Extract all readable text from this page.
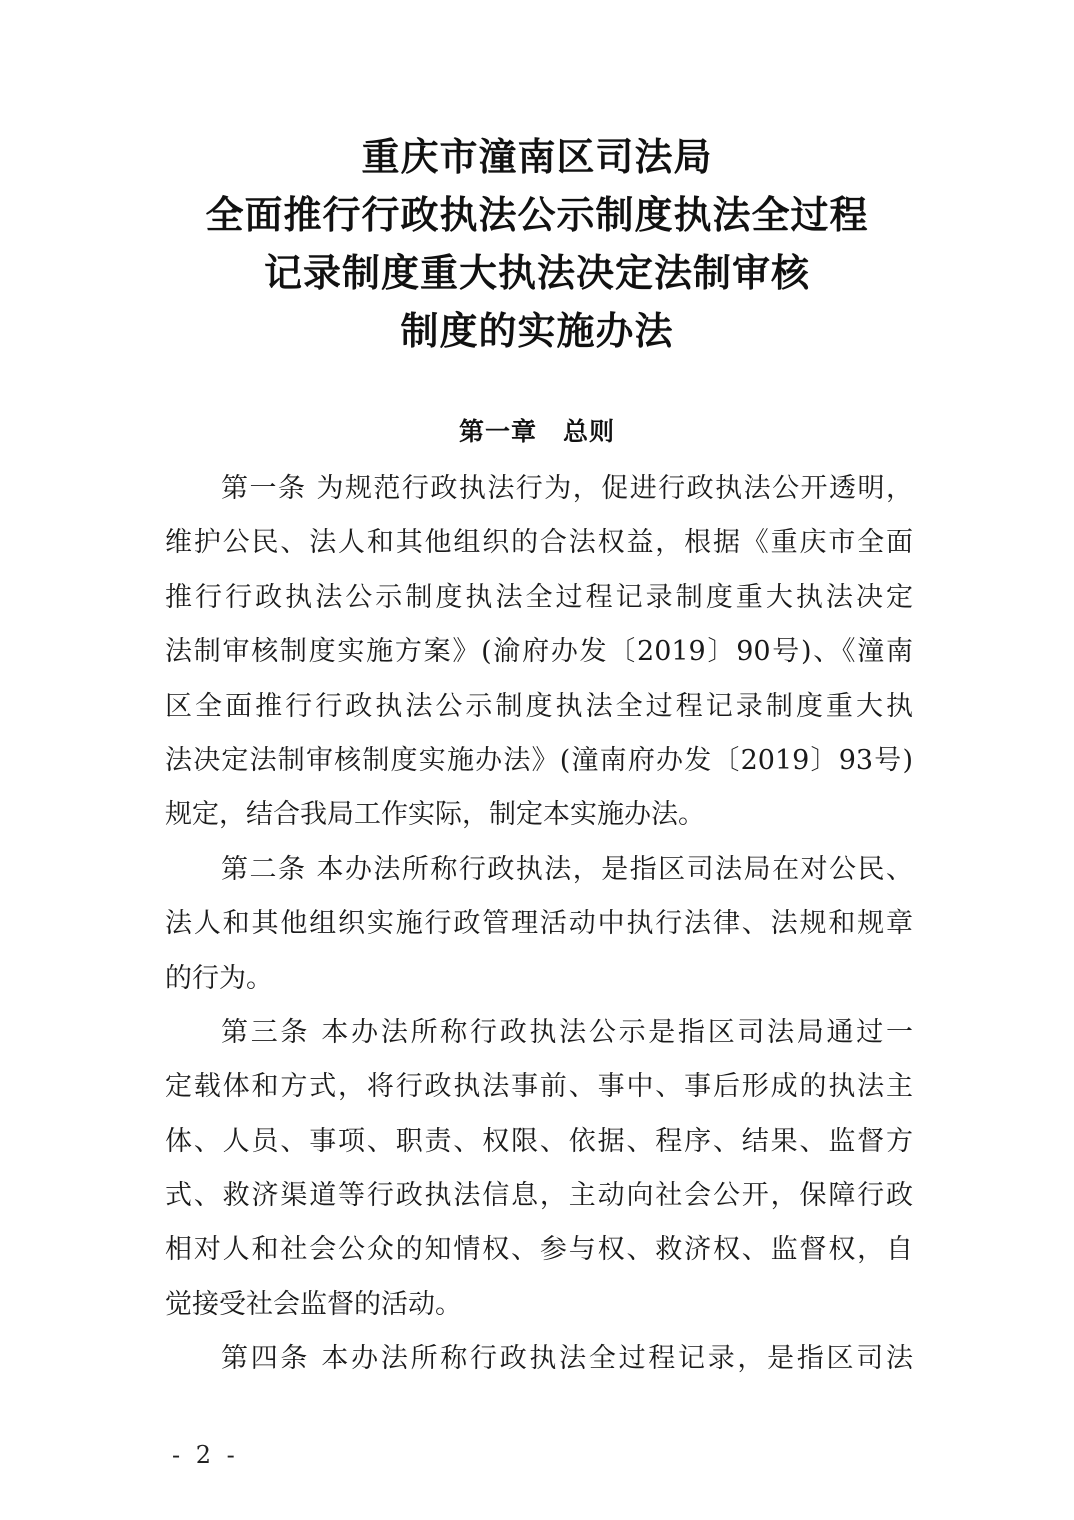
重庆市潼南区司法局
全面推行行政执法公示制度执法全过程
记录制度重大执法决定法制审核
制度的实施办法
第一章　总则
第一条 为规范行政执法行为，促进行政执法公开透明，
维护公民、法人和其他组织的合法权益，根据《重庆市全面
推行行政执法公示制度执法全过程记录制度重大执法决定
法制审核制度实施方案》(渝府办发〔2019〕90号)、《潼南
区全面推行行政执法公示制度执法全过程记录制度重大执
法决定法制审核制度实施办法》(潼南府办发〔2019〕93号)
规定，结合我局工作实际，制定本实施办法。
第二条 本办法所称行政执法，是指区司法局在对公民、
法人和其他组织实施行政管理活动中执行法律、法规和规章
的行为。
第三条 本办法所称行政执法公示是指区司法局通过一
定载体和方式，将行政执法事前、事中、事后形成的执法主
体、人员、事项、职责、权限、依据、程序、结果、监督方
式、救济渠道等行政执法信息，主动向社会公开，保障行政
相对人和社会公众的知情权、参与权、救济权、监督权，自
觉接受社会监督的活动。
第四条 本办法所称行政执法全过程记录，是指区司法
- 2 -
